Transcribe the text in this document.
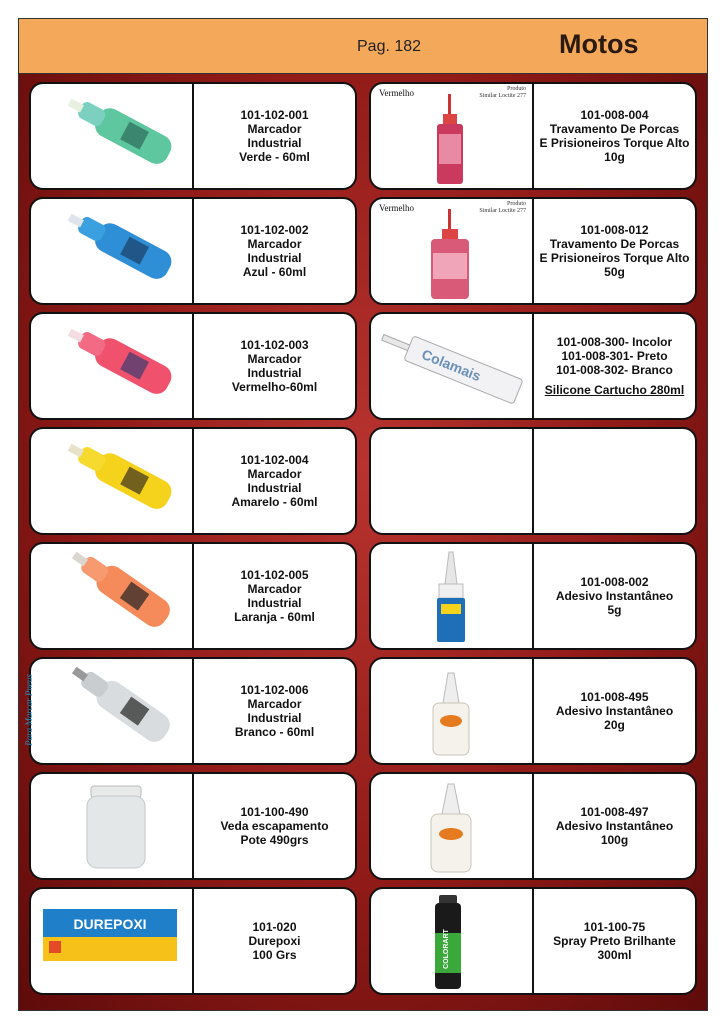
Pag. 182	Motos
101-102-001
Marcador
Industrial
Verde - 60ml
101-102-002
Marcador
Industrial
Azul - 60ml
101-102-003
Marcador
Industrial
Vermelho-60ml
101-102-004
Marcador
Industrial
Amarelo - 60ml
101-102-005
Marcador
Industrial
Laranja - 60ml
Para Marcar Pneus	101-102-006
Marcador
Industrial
Branco - 60ml
101-100-490
Veda escapamento
Pote 490grs
DUREPOXI	101-020
Durepoxi
100 Grs
Vermelho	Produto
Similar Loctite 277
101-008-004
Travamento De Porcas
E Prisioneiros Torque Alto
10g
Vermelho	Produto
Similar Loctite 277
101-008-012
Travamento De Porcas
E Prisioneiros Torque Alto
50g
Colamais
101-008-300- Incolor
101-008-301- Preto
101-008-302- Branco
Silicone Cartucho 280ml
101-008-002
Adesivo Instantâneo
5g
101-008-495
Adesivo Instantâneo
20g
101-008-497
Adesivo Instantâneo
100g
COLORART
101-100-75
Spray Preto Brilhante
300ml
